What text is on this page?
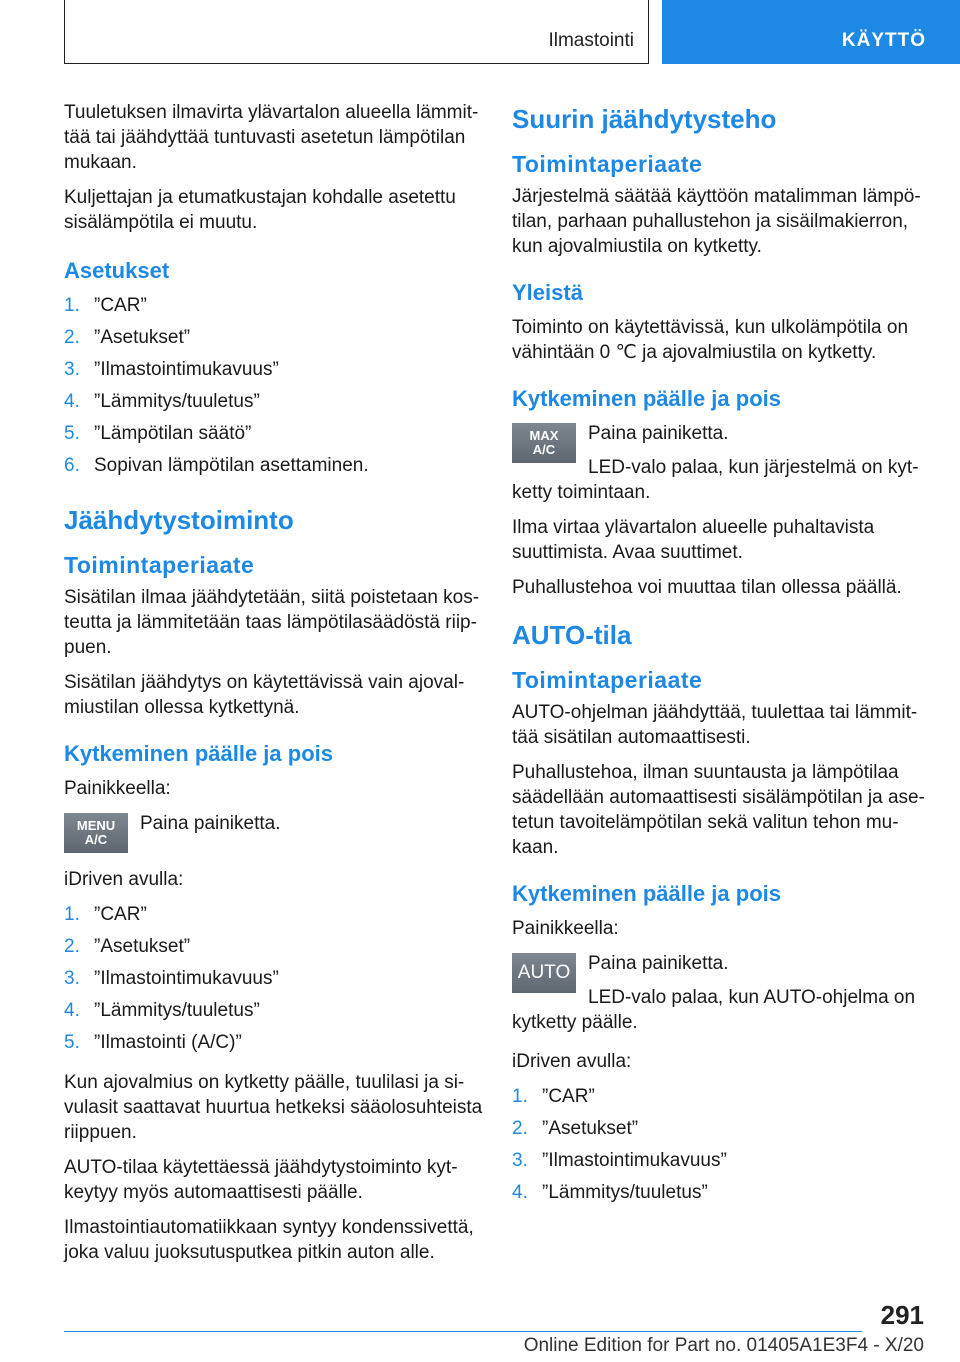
Ilmastointi	KÄYTTÖ

Tuuletuksen ilmavirta ylävartalon alueella lämmittää tai jäähdyttää tuntuvasti asetetun lämpötilan mukaan.

Kuljettajan ja etumatkustajan kohdalle asetettu sisälämpötila ei muutu.

Asetukset
1. ”CAR”
2. ”Asetukset”
3. ”Ilmastointimukavuus”
4. ”Lämmitys/tuuletus”
5. ”Lämpötilan säätö”
6. Sopivan lämpötilan asettaminen.
Jäähdytystoiminto
Toimintaperiaate

Sisätilan ilmaa jäähdytetään, siitä poistetaan kosteutta ja lämmitetään taas lämpötilasäädöstä riippuen.

Sisätilan jäähdytys on käytettävissä vain ajovalmiustilan ollessa kytkettynä.

Kytkeminen päälle ja pois

Painikkeella:

MENU
A/C
Paina painiketta.

iDriven avulla:

1. ”CAR”
2. ”Asetukset”
3. ”Ilmastointimukavuus”
4. ”Lämmitys/tuuletus”
5. ”Ilmastointi (A/C)”

Kun ajovalmius on kytketty päälle, tuulilasi ja sivulasit saattavat huurtua hetkeksi sääolosuhteista riippuen.

AUTO-tilaa käytettäessä jäähdytystoiminto kytkeytyy myös automaattisesti päälle.

Ilmastointiautomatiikkaan syntyy kondenssivettä, joka valuu juoksutusputkea pitkin auton alle.

Suurin jäähdytysteho
Toimintaperiaate

Järjestelmä säätää käyttöön matalimman lämpötilan, parhaan puhallustehon ja sisäilmakierron, kun ajovalmiustila on kytketty.

Yleistä

Toiminto on käytettävissä, kun ulkolämpötila on vähintään 0 ℃ ja ajovalmiustila on kytketty.

Kytkeminen päälle ja pois
MAX
A/C
Paina painiketta.

LED-valo palaa, kun järjestelmä on kytketty toimintaan.

Ilma virtaa ylävartalon alueelle puhaltavista suuttimista. Avaa suuttimet.

Puhallustehoa voi muuttaa tilan ollessa päällä.

AUTO-tila
Toimintaperiaate

AUTO-ohjelman jäähdyttää, tuulettaa tai lämmittää sisätilan automaattisesti.

Puhallustehoa, ilman suuntausta ja lämpötilaa säädellään automaattisesti sisälämpötilan ja asetetun tavoitelämpötilan sekä valitun tehon mukaan.

Kytkeminen päälle ja pois

Painikkeella:

AUTO Paina painiketta.

LED-valo palaa, kun AUTO-ohjelma on kytketty päälle.

iDriven avulla:

1. ”CAR”
2. ”Asetukset”
3. ”Ilmastointimukavuus”
4. ”Lämmitys/tuuletus”
291
Online Edition for Part no. 01405A1E3F4 - X/20
